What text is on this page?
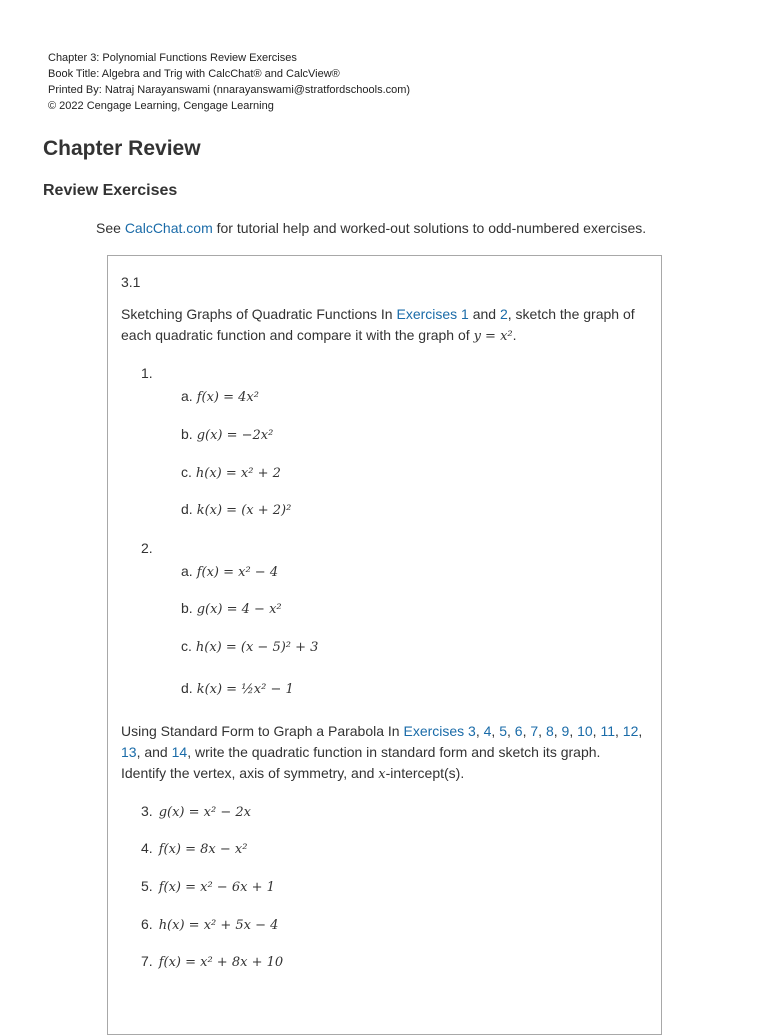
Chapter 3: Polynomial Functions Review Exercises
Book Title: Algebra and Trig with CalcChat® and CalcView®
Printed By: Natraj Narayanswami (nnarayanswami@stratfordschools.com)
© 2022 Cengage Learning, Cengage Learning
Chapter Review
Review Exercises
See CalcChat.com for tutorial help and worked-out solutions to odd-numbered exercises.
3.1
Sketching Graphs of Quadratic Functions In Exercises 1 and 2, sketch the graph of each quadratic function and compare it with the graph of y = x².
1.
a. f(x) = 4x²
b. g(x) = −2x²
c. h(x) = x² + 2
d. k(x) = (x + 2)²
2.
a. f(x) = x² − 4
b. g(x) = 4 − x²
c. h(x) = (x − 5)² + 3
d. k(x) = ½x² − 1
Using Standard Form to Graph a Parabola In Exercises 3, 4, 5, 6, 7, 8, 9, 10, 11, 12, 13, and 14, write the quadratic function in standard form and sketch its graph. Identify the vertex, axis of symmetry, and x-intercept(s).
3. g(x) = x² − 2x
4. f(x) = 8x − x²
5. f(x) = x² − 6x + 1
6. h(x) = x² + 5x − 4
7. f(x) = x² + 8x + 10
